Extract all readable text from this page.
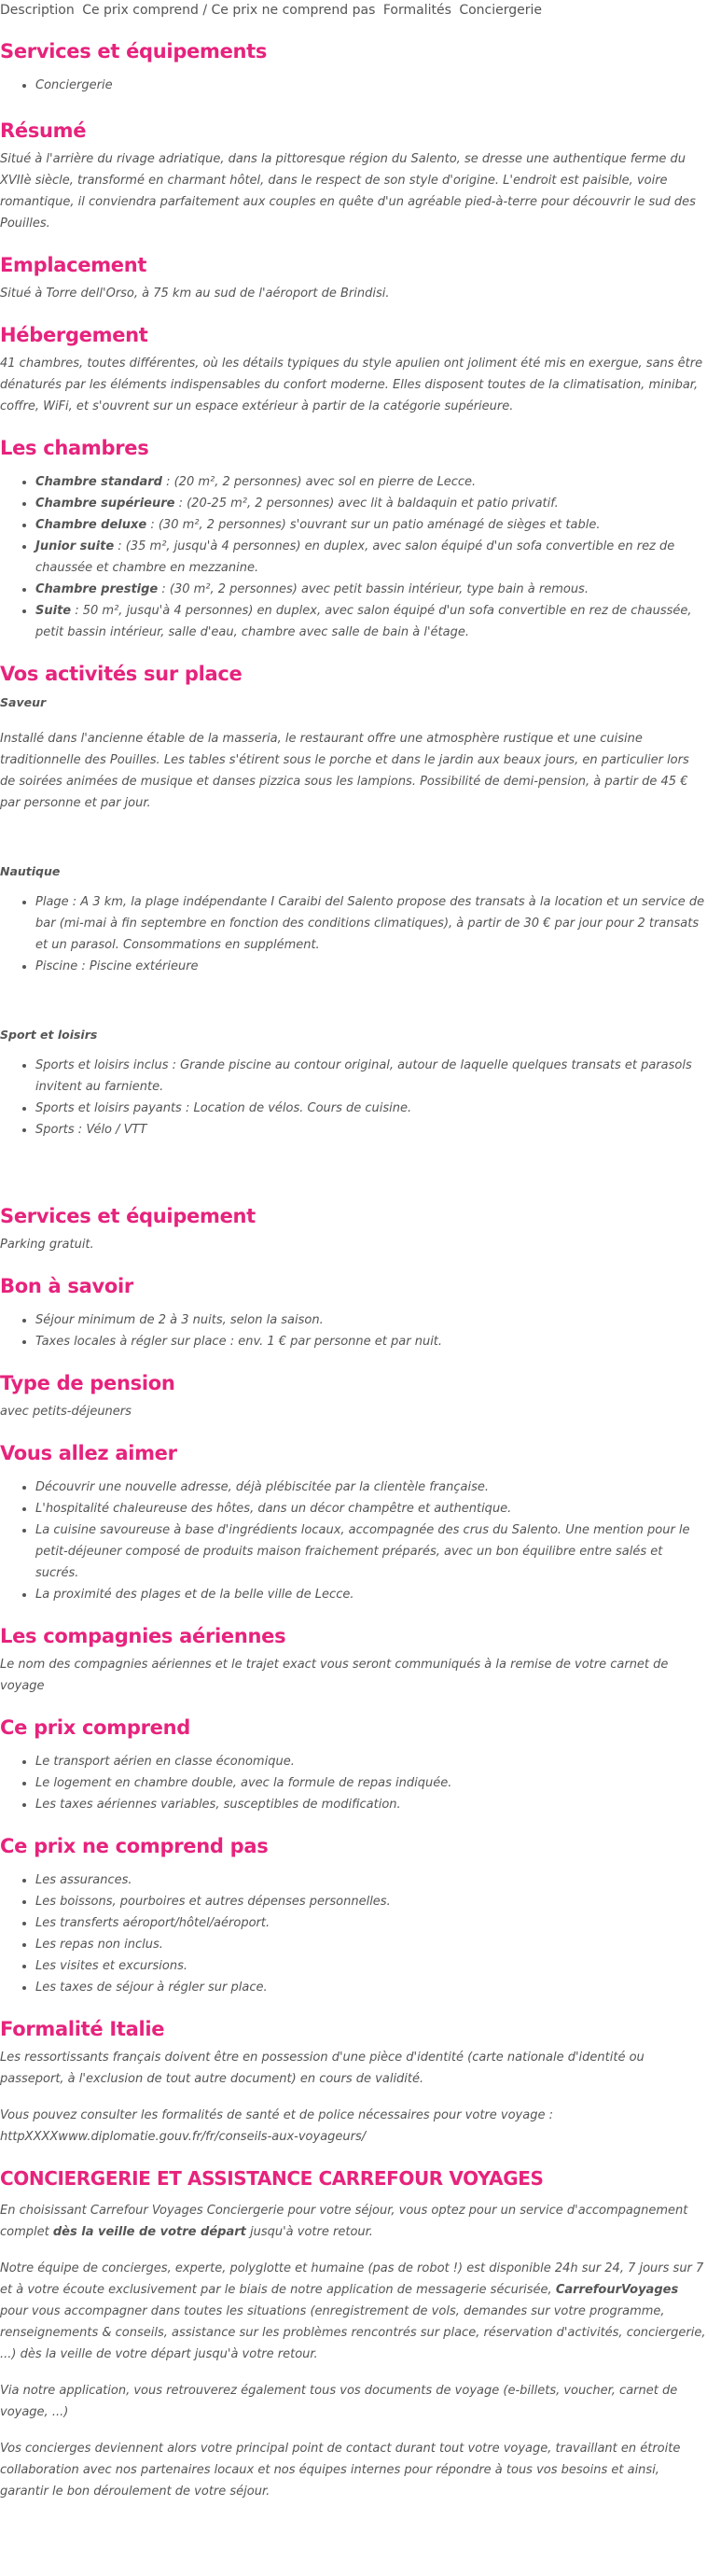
Description Ce prix comprend / Ce prix ne comprend pas Formalités Conciergerie
Services et équipements
• Conciergerie
Résumé

Situé à l'arrière du rivage adriatique, dans la pittoresque région du Salento, se dresse une authentique ferme du XVIIè siècle, transformé en charmant hôtel, dans le respect de son style d'origine. L'endroit est paisible, voire romantique, il conviendra parfaitement aux couples en quête d'un agréable pied-à-terre pour découvrir le sud des Pouilles.

Emplacement

Situé à Torre dell'Orso, à 75 km au sud de l'aéroport de Brindisi.

Hébergement

41 chambres, toutes différentes, où les détails typiques du style apulien ont joliment été mis en exergue, sans être dénaturés par les éléments indispensables du confort moderne. Elles disposent toutes de la climatisation, minibar, coffre, WiFi, et s'ouvrent sur un espace extérieur à partir de la catégorie supérieure.

Les chambres
• Chambre standard : (20 m², 2 personnes) avec sol en pierre de Lecce.
• Chambre supérieure : (20-25 m², 2 personnes) avec lit à baldaquin et patio privatif.
• Chambre deluxe : (30 m², 2 personnes) s'ouvrant sur un patio aménagé de sièges et table.
• Junior suite : (35 m², jusqu'à 4 personnes) en duplex, avec salon équipé d'un sofa convertible en rez de chaussée et chambre en mezzanine.
• Chambre prestige : (30 m², 2 personnes) avec petit bassin intérieur, type bain à remous.
• Suite : 50 m², jusqu'à 4 personnes) en duplex, avec salon équipé d'un sofa convertible en rez de chaussée, petit bassin intérieur, salle d'eau, chambre avec salle de bain à l'étage.
Vos activités sur place
Saveur

Installé dans l'ancienne étable de la masseria, le restaurant offre une atmosphère rustique et une cuisine traditionnelle des Pouilles. Les tables s'étirent sous le porche et dans le jardin aux beaux jours, en particulier lors de soirées animées de musique et danses pizzica sous les lampions. Possibilité de demi-pension, à partir de 45 € par personne et par jour.

Nautique
• Plage : A 3 km, la plage indépendante I Caraibi del Salento propose des transats à la location et un service de bar (mi-mai à fin septembre en fonction des conditions climatiques), à partir de 30 € par jour pour 2 transats et un parasol. Consommations en supplément.
• Piscine : Piscine extérieure
Sport et loisirs
• Sports et loisirs inclus : Grande piscine au contour original, autour de laquelle quelques transats et parasols invitent au farniente.
• Sports et loisirs payants : Location de vélos. Cours de cuisine.
• Sports : Vélo / VTT
Services et équipement

Parking gratuit.

Bon à savoir
• Séjour minimum de 2 à 3 nuits, selon la saison.
• Taxes locales à régler sur place : env. 1 € par personne et par nuit.
Type de pension

avec petits-déjeuners

Vous allez aimer
• Découvrir une nouvelle adresse, déjà plébiscitée par la clientèle française.
• L'hospitalité chaleureuse des hôtes, dans un décor champêtre et authentique.
• La cuisine savoureuse à base d'ingrédients locaux, accompagnée des crus du Salento. Une mention pour le petit-déjeuner composé de produits maison fraichement préparés, avec un bon équilibre entre salés et sucrés.
• La proximité des plages et de la belle ville de Lecce.
Les compagnies aériennes

Le nom des compagnies aériennes et le trajet exact vous seront communiqués à la remise de votre carnet de voyage

Ce prix comprend
• Le transport aérien en classe économique.
• Le logement en chambre double, avec la formule de repas indiquée.
• Les taxes aériennes variables, susceptibles de modification.
Ce prix ne comprend pas
• Les assurances.
• Les boissons, pourboires et autres dépenses personnelles.
• Les transferts aéroport/hôtel/aéroport.
• Les repas non inclus.
• Les visites et excursions.
• Les taxes de séjour à régler sur place.
Formalité Italie

Les ressortissants français doivent être en possession d'une pièce d'identité (carte nationale d'identité ou passeport, à l'exclusion de tout autre document) en cours de validité.

Vous pouvez consulter les formalités de santé et de police nécessaires pour votre voyage : httpXXXXwww.diplomatie.gouv.fr/fr/conseils-aux-voyageurs/

CONCIERGERIE ET ASSISTANCE CARREFOUR VOYAGES

En choisissant Carrefour Voyages Conciergerie pour votre séjour, vous optez pour un service d'accompagnement complet dès la veille de votre départ jusqu'à votre retour.

Notre équipe de concierges, experte, polyglotte et humaine (pas de robot !) est disponible 24h sur 24, 7 jours sur 7 et à votre écoute exclusivement par le biais de notre application de messagerie sécurisée, CarrefourVoyages pour vous accompagner dans toutes les situations (enregistrement de vols, demandes sur votre programme, renseignements & conseils, assistance sur les problèmes rencontrés sur place, réservation d'activités, conciergerie, ...) dès la veille de votre départ jusqu'à votre retour.

Via notre application, vous retrouverez également tous vos documents de voyage (e-billets, voucher, carnet de voyage, ...)

Vos concierges deviennent alors votre principal point de contact durant tout votre voyage, travaillant en étroite collaboration avec nos partenaires locaux et nos équipes internes pour répondre à tous vos besoins et ainsi, garantir le bon déroulement de votre séjour.
